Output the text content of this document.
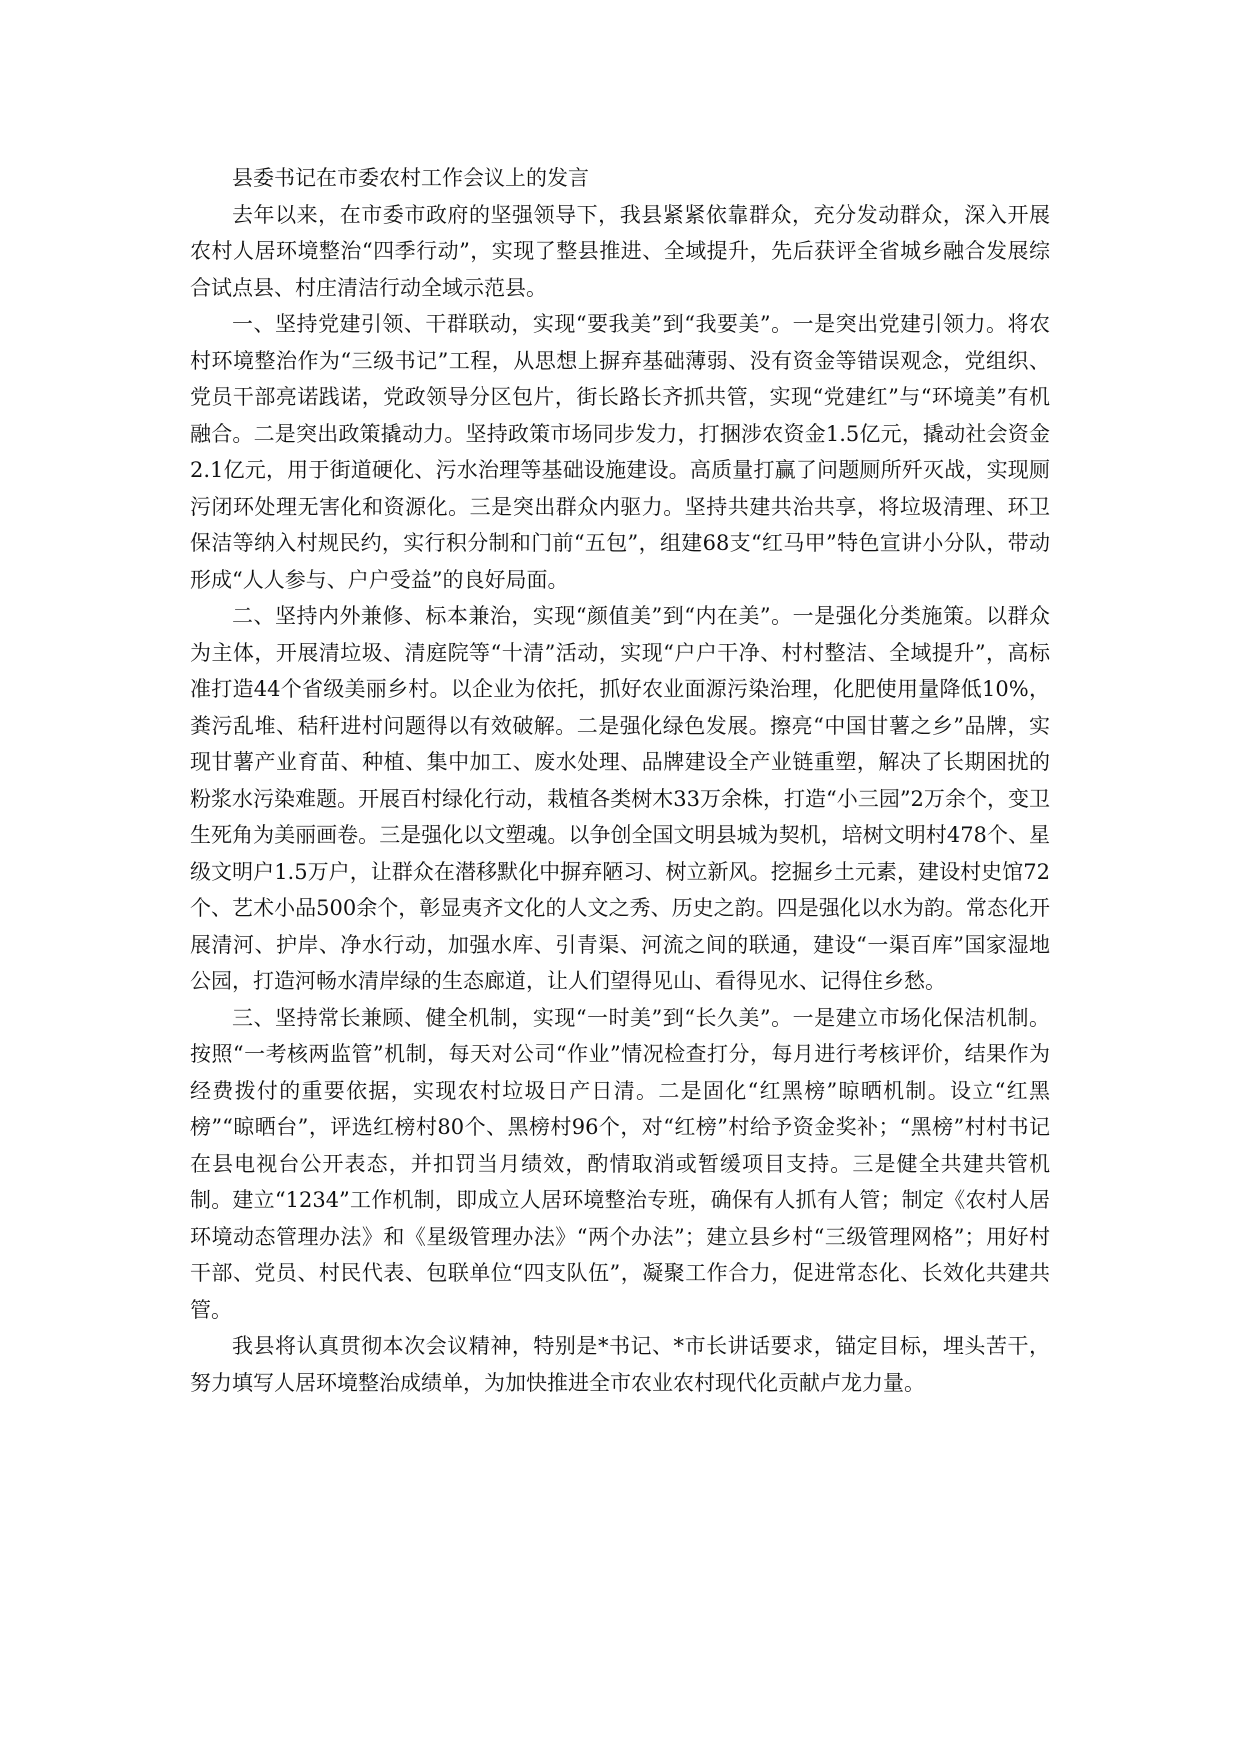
县委书记在市委农村工作会议上的发言

去年以来，在市委市政府的坚强领导下，我县紧紧依靠群众，充分发动群众，深入开展农村人居环境整治“四季行动”，实现了整县推进、全域提升，先后获评全省城乡融合发展综合试点县、村庄清洁行动全域示范县。

一、坚持党建引领、干群联动，实现“要我美”到“我要美”。一是突出党建引领力。将农村环境整治作为“三级书记”工程，从思想上摒弃基础薄弱、没有资金等错误观念，党组织、党员干部亮诺践诺，党政领导分区包片，街长路长齐抓共管，实现“党建红”与“环境美”有机融合。二是突出政策撬动力。坚持政策市场同步发力，打捆涉农资金1.5亿元，撬动社会资金2.1亿元，用于街道硬化、污水治理等基础设施建设。高质量打赢了问题厕所歼灭战，实现厕污闭环处理无害化和资源化。三是突出群众内驱力。坚持共建共治共享，将垃圾清理、环卫保洁等纳入村规民约，实行积分制和门前“五包”，组建68支“红马甲”特色宣讲小分队，带动形成“人人参与、户户受益”的良好局面。

二、坚持内外兼修、标本兼治，实现“颜值美”到“内在美”。一是强化分类施策。以群众为主体，开展清垃圾、清庭院等“十清”活动，实现“户户干净、村村整洁、全域提升”，高标准打造44个省级美丽乡村。以企业为依托，抓好农业面源污染治理，化肥使用量降低10%，粪污乱堆、秸秆进村问题得以有效破解。二是强化绿色发展。擦亮“中国甘薯之乡”品牌，实现甘薯产业育苗、种植、集中加工、废水处理、品牌建设全产业链重塑，解决了长期困扰的粉浆水污染难题。开展百村绿化行动，栽植各类树木33万余株，打造“小三园”2万余个，变卫生死角为美丽画卷。三是强化以文塑魂。以争创全国文明县城为契机，培树文明村478个、星级文明户1.5万户，让群众在潜移默化中摒弃陋习、树立新风。挖掘乡土元素，建设村史馆72个、艺术小品500余个，彰显夷齐文化的人文之秀、历史之韵。四是强化以水为韵。常态化开展清河、护岸、净水行动，加强水库、引青渠、河流之间的联通，建设“一渠百库”国家湿地公园，打造河畅水清岸绿的生态廊道，让人们望得见山、看得见水、记得住乡愁。

三、坚持常长兼顾、健全机制，实现“一时美”到“长久美”。一是建立市场化保洁机制。按照“一考核两监管”机制，每天对公司“作业”情况检查打分，每月进行考核评价，结果作为经费拨付的重要依据，实现农村垃圾日产日清。二是固化“红黑榜”晾晒机制。设立“红黑榜”“晾晒台”，评选红榜村80个、黑榜村96个，对“红榜”村给予资金奖补；“黑榜”村村书记在县电视台公开表态，并扣罚当月绩效，酌情取消或暂缓项目支持。三是健全共建共管机制。建立“1234”工作机制，即成立人居环境整治专班，确保有人抓有人管；制定《农村人居环境动态管理办法》和《星级管理办法》“两个办法”；建立县乡村“三级管理网格”；用好村干部、党员、村民代表、包联单位“四支队伍”，凝聚工作合力，促进常态化、长效化共建共管。

我县将认真贯彻本次会议精神，特别是*书记、*市长讲话要求，锚定目标，埋头苦干，努力填写人居环境整治成绩单，为加快推进全市农业农村现代化贡献卢龙力量。
